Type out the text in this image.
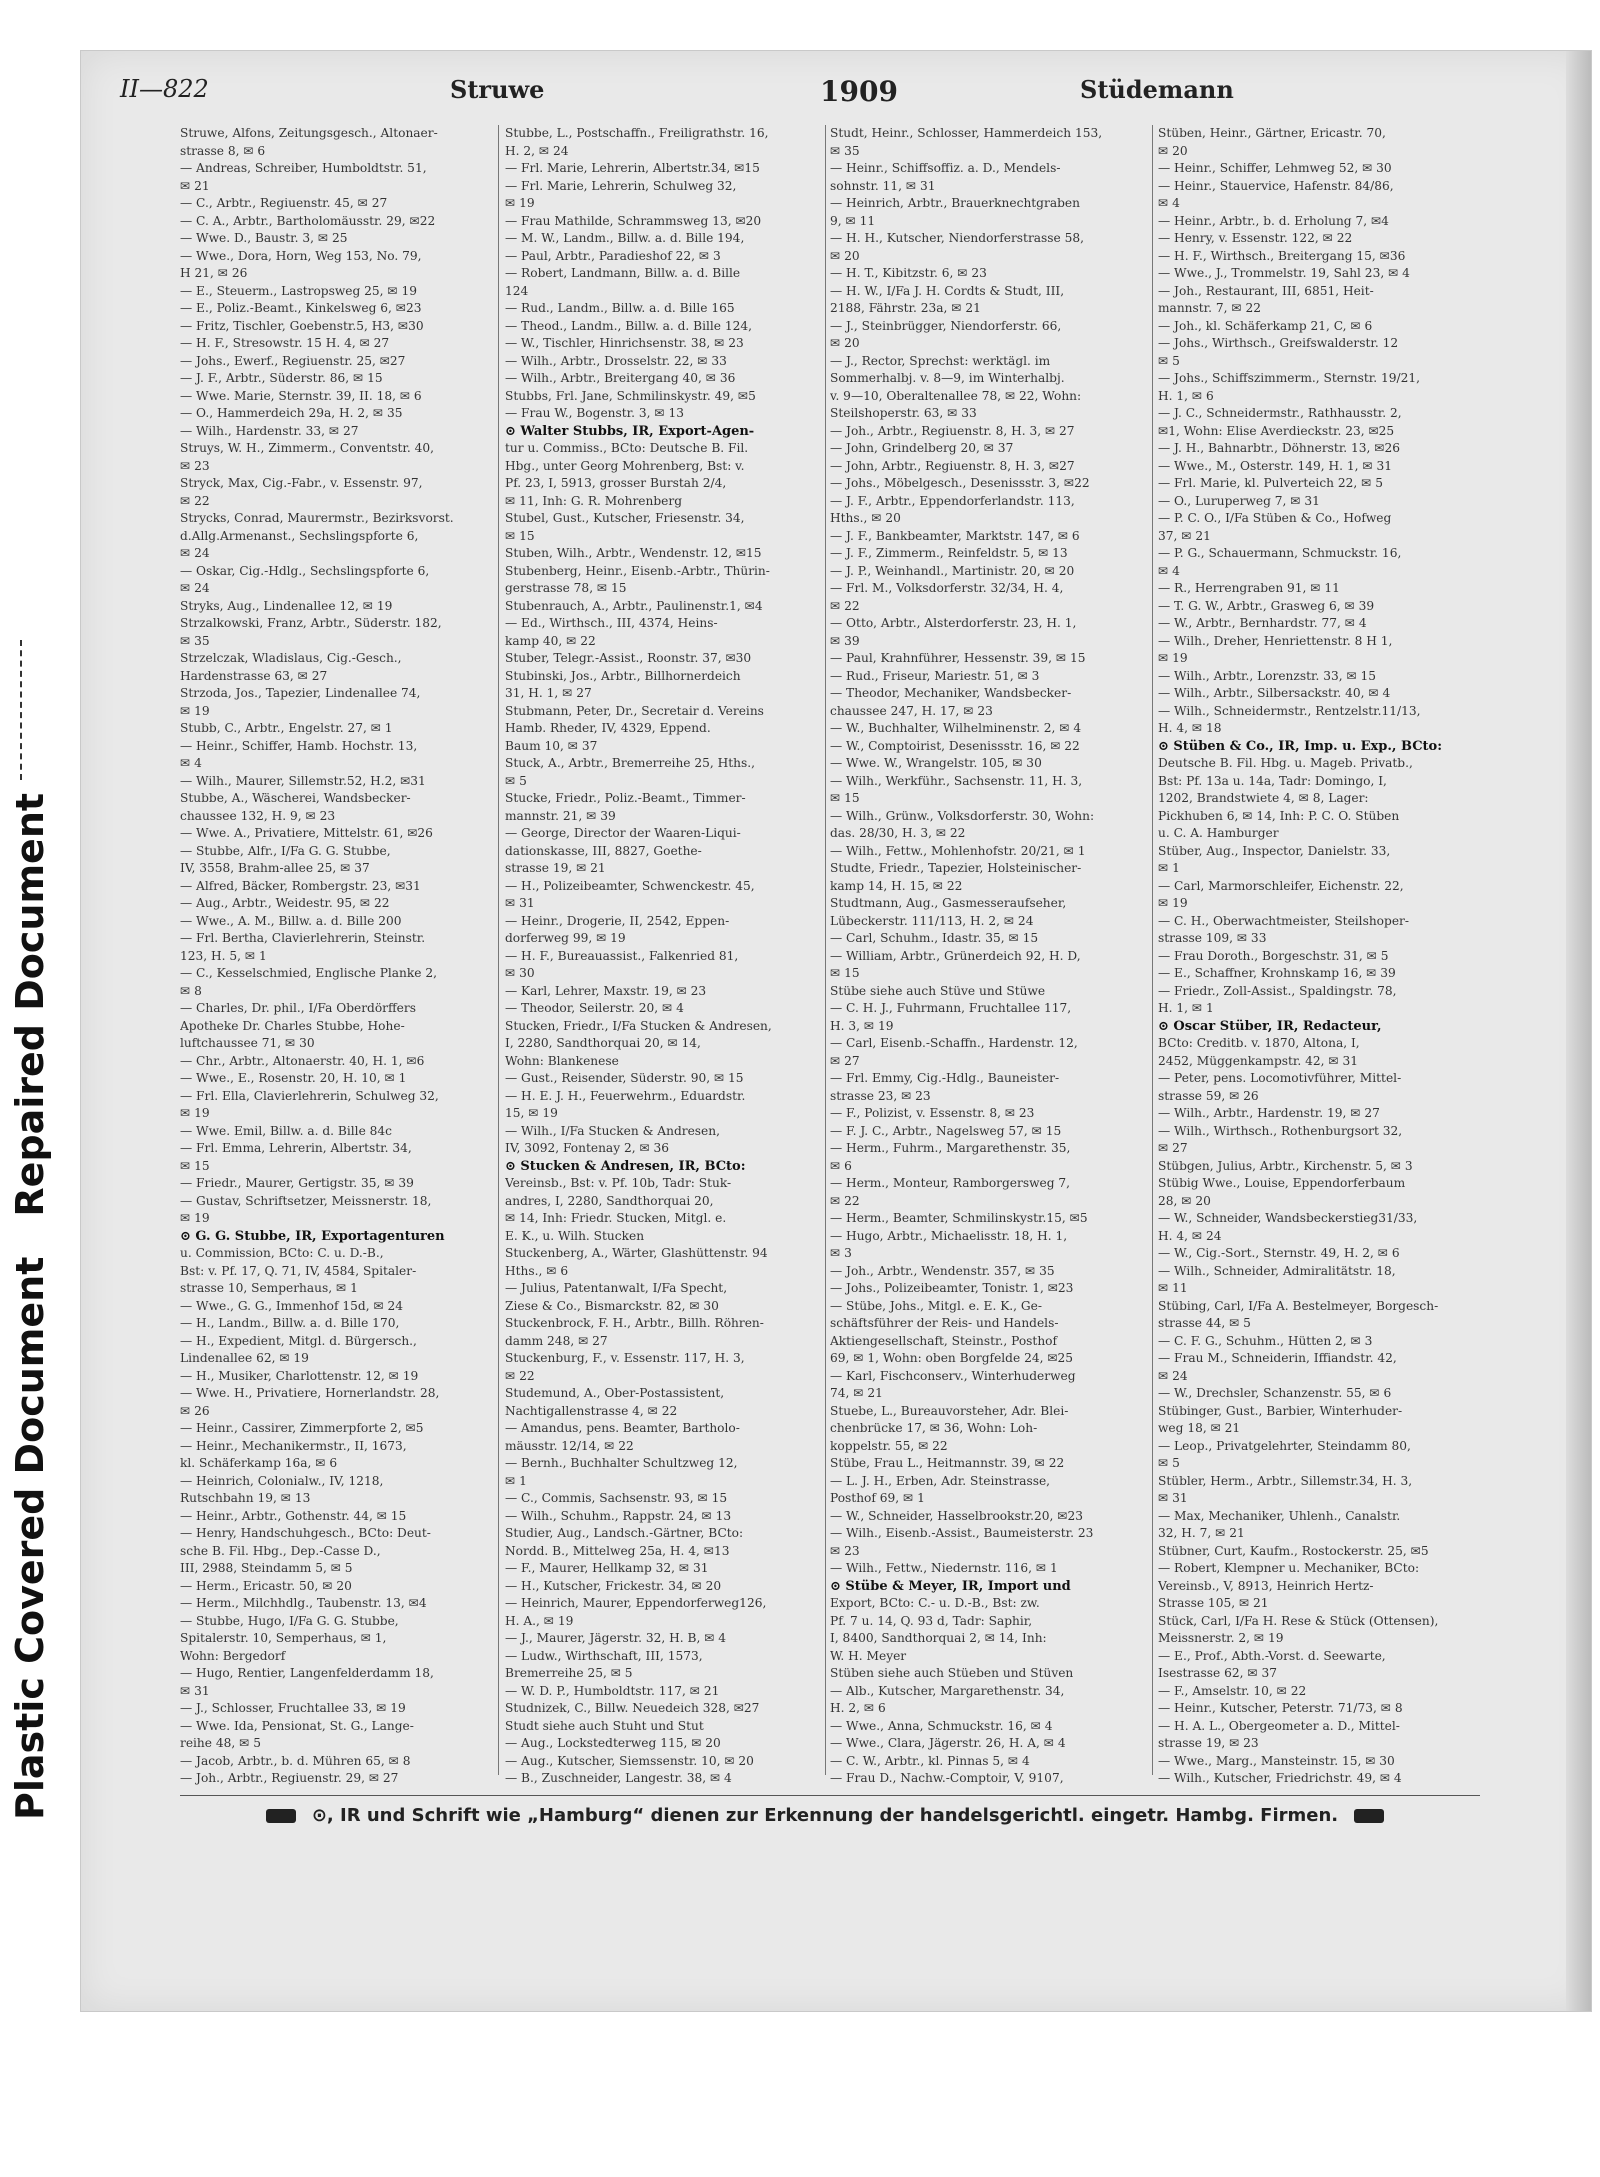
Plastic Covered Document
Repaired Document
II—822	Struwe	1909	Stüdemann
Struwe, Alfons, Zeitungsgesch., Altonaer-
strasse 8, ✉ 6
— Andreas, Schreiber, Humboldtstr. 51,
✉ 21
— C., Arbtr., Regiuenstr. 45, ✉ 27
— C. A., Arbtr., Bartholomäusstr. 29, ✉22
— Wwe. D., Baustr. 3, ✉ 25
— Wwe., Dora, Horn, Weg 153, No. 79,
H 21, ✉ 26
— E., Steuerm., Lastropsweg 25, ✉ 19
— E., Poliz.-Beamt., Kinkelsweg 6, ✉23
— Fritz, Tischler, Goebenstr.5, H3, ✉30
— H. F., Stresowstr. 15 H. 4, ✉ 27
— Johs., Ewerf., Regiuenstr. 25, ✉27
— J. F., Arbtr., Süderstr. 86, ✉ 15
— Wwe. Marie, Sternstr. 39, II. 18, ✉ 6
— O., Hammerdeich 29a, H. 2, ✉ 35
— Wilh., Hardenstr. 33, ✉ 27
Struys, W. H., Zimmerm., Conventstr. 40,
✉ 23
Stryck, Max, Cig.-Fabr., v. Essenstr. 97,
✉ 22
Strycks, Conrad, Maurermstr., Bezirksvorst.
d.Allg.Armenanst., Sechslingspforte 6,
✉ 24
— Oskar, Cig.-Hdlg., Sechslingspforte 6,
✉ 24
Stryks, Aug., Lindenallee 12, ✉ 19
Strzalkowski, Franz, Arbtr., Süderstr. 182,
✉ 35
Strzelczak, Wladislaus, Cig.-Gesch.,
Hardenstrasse 63, ✉ 27
Strzoda, Jos., Tapezier, Lindenallee 74,
✉ 19
Stubb, C., Arbtr., Engelstr. 27, ✉ 1
— Heinr., Schiffer, Hamb. Hochstr. 13,
✉ 4
— Wilh., Maurer, Sillemstr.52, H.2, ✉31
Stubbe, A., Wäscherei, Wandsbecker-
chaussee 132, H. 9, ✉ 23
— Wwe. A., Privatiere, Mittelstr. 61, ✉26
— Stubbe, Alfr., I/Fa G. G. Stubbe,
IV, 3558, Brahm-allee 25, ✉ 37
— Alfred, Bäcker, Rombergstr. 23, ✉31
— Aug., Arbtr., Weidestr. 95, ✉ 22
— Wwe., A. M., Billw. a. d. Bille 200
— Frl. Bertha, Clavierlehrerin, Steinstr.
123, H. 5, ✉ 1
— C., Kesselschmied, Englische Planke 2,
✉ 8
— Charles, Dr. phil., I/Fa Oberdörffers
Apotheke Dr. Charles Stubbe, Hohe-
luftchaussee 71, ✉ 30
— Chr., Arbtr., Altonaerstr. 40, H. 1, ✉6
— Wwe., E., Rosenstr. 20, H. 10, ✉ 1
— Frl. Ella, Clavierlehrerin, Schulweg 32,
✉ 19
— Wwe. Emil, Billw. a. d. Bille 84c
— Frl. Emma, Lehrerin, Albertstr. 34,
✉ 15
— Friedr., Maurer, Gertigstr. 35, ✉ 39
— Gustav, Schriftsetzer, Meissnerstr. 18,
✉ 19
⊙ G. G. Stubbe, IR, Exportagenturen
u. Commission, BCto: C. u. D.-B.,
Bst: v. Pf. 17, Q. 71, IV, 4584, Spitaler-
strasse 10, Semperhaus, ✉ 1
— Wwe., G. G., Immenhof 15d, ✉ 24
— H., Landm., Billw. a. d. Bille 170,
— H., Expedient, Mitgl. d. Bürgersch.,
Lindenallee 62, ✉ 19
— H., Musiker, Charlottenstr. 12, ✉ 19
— Wwe. H., Privatiere, Hornerlandstr. 28,
✉ 26
— Heinr., Cassirer, Zimmerpforte 2, ✉5
— Heinr., Mechanikermstr., II, 1673,
kl. Schäferkamp 16a, ✉ 6
— Heinrich, Colonialw., IV, 1218,
Rutschbahn 19, ✉ 13
— Heinr., Arbtr., Gothenstr. 44, ✉ 15
— Henry, Handschuhgesch., BCto: Deut-
sche B. Fil. Hbg., Dep.-Casse D.,
III, 2988, Steindamm 5, ✉ 5
— Herm., Ericastr. 50, ✉ 20
— Herm., Milchhdlg., Taubenstr. 13, ✉4
— Stubbe, Hugo, I/Fa G. G. Stubbe,
Spitalerstr. 10, Semperhaus, ✉ 1,
Wohn: Bergedorf
— Hugo, Rentier, Langenfelderdamm 18,
✉ 31
— J., Schlosser, Fruchtallee 33, ✉ 19
— Wwe. Ida, Pensionat, St. G., Lange-
reihe 48, ✉ 5
— Jacob, Arbtr., b. d. Mühren 65, ✉ 8
— Joh., Arbtr., Regiuenstr. 29, ✉ 27
Stubbe, L., Postschaffn., Freiligrathstr. 16,
H. 2, ✉ 24
— Frl. Marie, Lehrerin, Albertstr.34, ✉15
— Frl. Marie, Lehrerin, Schulweg 32,
✉ 19
— Frau Mathilde, Schrammsweg 13, ✉20
— M. W., Landm., Billw. a. d. Bille 194,
— Paul, Arbtr., Paradieshof 22, ✉ 3
— Robert, Landmann, Billw. a. d. Bille
124
— Rud., Landm., Billw. a. d. Bille 165
— Theod., Landm., Billw. a. d. Bille 124,
— W., Tischler, Hinrichsenstr. 38, ✉ 23
— Wilh., Arbtr., Drosselstr. 22, ✉ 33
— Wilh., Arbtr., Breitergang 40, ✉ 36
Stubbs, Frl. Jane, Schmilinskystr. 49, ✉5
— Frau W., Bogenstr. 3, ✉ 13
⊙ Walter Stubbs, IR, Export-Agen-
tur u. Commiss., BCto: Deutsche B. Fil.
Hbg., unter Georg Mohrenberg, Bst: v.
Pf. 23, I, 5913, grosser Burstah 2/4,
✉ 11, Inh: G. R. Mohrenberg
Stubel, Gust., Kutscher, Friesenstr. 34,
✉ 15
Stuben, Wilh., Arbtr., Wendenstr. 12, ✉15
Stubenberg, Heinr., Eisenb.-Arbtr., Thürin-
gerstrasse 78, ✉ 15
Stubenrauch, A., Arbtr., Paulinenstr.1, ✉4
— Ed., Wirthsch., III, 4374, Heins-
kamp 40, ✉ 22
Stuber, Telegr.-Assist., Roonstr. 37, ✉30
Stubinski, Jos., Arbtr., Billhornerdeich
31, H. 1, ✉ 27
Stubmann, Peter, Dr., Secretair d. Vereins
Hamb. Rheder, IV, 4329, Eppend.
Baum 10, ✉ 37
Stuck, A., Arbtr., Bremerreihe 25, Hths.,
✉ 5
Stucke, Friedr., Poliz.-Beamt., Timmer-
mannstr. 21, ✉ 39
— George, Director der Waaren-Liqui-
dationskasse, III, 8827, Goethe-
strasse 19, ✉ 21
— H., Polizeibeamter, Schwenckestr. 45,
✉ 31
— Heinr., Drogerie, II, 2542, Eppen-
dorferweg 99, ✉ 19
— H. F., Bureauassist., Falkenried 81,
✉ 30
— Karl, Lehrer, Maxstr. 19, ✉ 23
— Theodor, Seilerstr. 20, ✉ 4
Stucken, Friedr., I/Fa Stucken & Andresen,
I, 2280, Sandthorquai 20, ✉ 14,
Wohn: Blankenese
— Gust., Reisender, Süderstr. 90, ✉ 15
— H. E. J. H., Feuerwehrm., Eduardstr.
15, ✉ 19
— Wilh., I/Fa Stucken & Andresen,
IV, 3092, Fontenay 2, ✉ 36
⊙ Stucken & Andresen, IR, BCto:
Vereinsb., Bst: v. Pf. 10b, Tadr: Stuk-
andres, I, 2280, Sandthorquai 20,
✉ 14, Inh: Friedr. Stucken, Mitgl. e.
E. K., u. Wilh. Stucken
Stuckenberg, A., Wärter, Glashüttenstr. 94
Hths., ✉ 6
— Julius, Patentanwalt, I/Fa Specht,
Ziese & Co., Bismarckstr. 82, ✉ 30
Stuckenbrock, F. H., Arbtr., Billh. Röhren-
damm 248, ✉ 27
Stuckenburg, F., v. Essenstr. 117, H. 3,
✉ 22
Studemund, A., Ober-Postassistent,
Nachtigallenstrasse 4, ✉ 22
— Amandus, pens. Beamter, Bartholo-
mäusstr. 12/14, ✉ 22
— Bernh., Buchhalter Schultzweg 12,
✉ 1
— C., Commis, Sachsenstr. 93, ✉ 15
— Wilh., Schuhm., Rappstr. 24, ✉ 13
Studier, Aug., Landsch.-Gärtner, BCto:
Nordd. B., Mittelweg 25a, H. 4, ✉13
— F., Maurer, Hellkamp 32, ✉ 31
— H., Kutscher, Frickestr. 34, ✉ 20
— Heinrich, Maurer, Eppendorferweg126,
H. A., ✉ 19
— J., Maurer, Jägerstr. 32, H. B, ✉ 4
— Ludw., Wirthschaft, III, 1573,
Bremerreihe 25, ✉ 5
— W. D. P., Humboldtstr. 117, ✉ 21
Studnizek, C., Billw. Neuedeich 328, ✉27
Studt siehe auch Stuht und Stut
— Aug., Lockstedterweg 115, ✉ 20
— Aug., Kutscher, Siemssenstr. 10, ✉ 20
— B., Zuschneider, Langestr. 38, ✉ 4
Studt, Heinr., Schlosser, Hammerdeich 153,
✉ 35
— Heinr., Schiffsoffiz. a. D., Mendels-
sohnstr. 11, ✉ 31
— Heinrich, Arbtr., Brauerknechtgraben
9, ✉ 11
— H. H., Kutscher, Niendorferstrasse 58,
✉ 20
— H. T., Kibitzstr. 6, ✉ 23
— H. W., I/Fa J. H. Cordts & Studt, III,
2188, Fährstr. 23a, ✉ 21
— J., Steinbrügger, Niendorferstr. 66,
✉ 20
— J., Rector, Sprechst: werktägl. im
Sommerhalbj. v. 8—9, im Winterhalbj.
v. 9—10, Oberaltenallee 78, ✉ 22, Wohn:
Steilshoperstr. 63, ✉ 33
— Joh., Arbtr., Regiuenstr. 8, H. 3, ✉ 27
— John, Grindelberg 20, ✉ 37
— John, Arbtr., Regiuenstr. 8, H. 3, ✉27
— Johs., Möbelgesch., Desenissstr. 3, ✉22
— J. F., Arbtr., Eppendorferlandstr. 113,
Hths., ✉ 20
— J. F., Bankbeamter, Marktstr. 147, ✉ 6
— J. F., Zimmerm., Reinfeldstr. 5, ✉ 13
— J. P., Weinhandl., Martinistr. 20, ✉ 20
— Frl. M., Volksdorferstr. 32/34, H. 4,
✉ 22
— Otto, Arbtr., Alsterdorferstr. 23, H. 1,
✉ 39
— Paul, Krahnführer, Hessenstr. 39, ✉ 15
— Rud., Friseur, Mariestr. 51, ✉ 3
— Theodor, Mechaniker, Wandsbecker-
chaussee 247, H. 17, ✉ 23
— W., Buchhalter, Wilhelminenstr. 2, ✉ 4
— W., Comptoirist, Desenissstr. 16, ✉ 22
— Wwe. W., Wrangelstr. 105, ✉ 30
— Wilh., Werkführ., Sachsenstr. 11, H. 3,
✉ 15
— Wilh., Grünw., Volksdorferstr. 30, Wohn:
das. 28/30, H. 3, ✉ 22
— Wilh., Fettw., Mohlenhofstr. 20/21, ✉ 1
Studte, Friedr., Tapezier, Holsteinischer-
kamp 14, H. 15, ✉ 22
Studtmann, Aug., Gasmesseraufseher,
Lübeckerstr. 111/113, H. 2, ✉ 24
— Carl, Schuhm., Idastr. 35, ✉ 15
— William, Arbtr., Grünerdeich 92, H. D,
✉ 15
Stübe siehe auch Stüve und Stüwe
— C. H. J., Fuhrmann, Fruchtallee 117,
H. 3, ✉ 19
— Carl, Eisenb.-Schaffn., Hardenstr. 12,
✉ 27
— Frl. Emmy, Cig.-Hdlg., Bauneister-
strasse 23, ✉ 23
— F., Polizist, v. Essenstr. 8, ✉ 23
— F. J. C., Arbtr., Nagelsweg 57, ✉ 15
— Herm., Fuhrm., Margarethenstr. 35,
✉ 6
— Herm., Monteur, Ramborgersweg 7,
✉ 22
— Herm., Beamter, Schmilinskystr.15, ✉5
— Hugo, Arbtr., Michaelisstr. 18, H. 1,
✉ 3
— Joh., Arbtr., Wendenstr. 357, ✉ 35
— Johs., Polizeibeamter, Tonistr. 1, ✉23
— Stübe, Johs., Mitgl. e. E. K., Ge-
schäftsführer der Reis- und Handels-
Aktiengesellschaft, Steinstr., Posthof
69, ✉ 1, Wohn: oben Borgfelde 24, ✉25
— Karl, Fischconserv., Winterhuderweg
74, ✉ 21
Stuebe, L., Bureauvorsteher, Adr. Blei-
chenbrücke 17, ✉ 36, Wohn: Loh-
koppelstr. 55, ✉ 22
Stübe, Frau L., Heitmannstr. 39, ✉ 22
— L. J. H., Erben, Adr. Steinstrasse,
Posthof 69, ✉ 1
— W., Schneider, Hasselbrookstr.20, ✉23
— Wilh., Eisenb.-Assist., Baumeisterstr. 23
✉ 23
— Wilh., Fettw., Niedernstr. 116, ✉ 1
⊙ Stübe & Meyer, IR, Import und
Export, BCto: C.- u. D.-B., Bst: zw.
Pf. 7 u. 14, Q. 93 d, Tadr: Saphir,
I, 8400, Sandthorquai 2, ✉ 14, Inh:
W. H. Meyer
Stüben siehe auch Stüeben und Stüven
— Alb., Kutscher, Margarethenstr. 34,
H. 2, ✉ 6
— Wwe., Anna, Schmuckstr. 16, ✉ 4
— Wwe., Clara, Jägerstr. 26, H. A, ✉ 4
— C. W., Arbtr., kl. Pinnas 5, ✉ 4
— Frau D., Nachw.-Comptoir, V, 9107,
Stüben, Heinr., Gärtner, Ericastr. 70,
✉ 20
— Heinr., Schiffer, Lehmweg 52, ✉ 30
— Heinr., Stauervice, Hafenstr. 84/86,
✉ 4
— Heinr., Arbtr., b. d. Erholung 7, ✉4
— Henry, v. Essenstr. 122, ✉ 22
— H. F., Wirthsch., Breitergang 15, ✉36
— Wwe., J., Trommelstr. 19, Sahl 23, ✉ 4
— Joh., Restaurant, III, 6851, Heit-
mannstr. 7, ✉ 22
— Joh., kl. Schäferkamp 21, C, ✉ 6
— Johs., Wirthsch., Greifswalderstr. 12
✉ 5
— Johs., Schiffszimmerm., Sternstr. 19/21,
H. 1, ✉ 6
— J. C., Schneidermstr., Rathhausstr. 2,
✉1, Wohn: Elise Averdieckstr. 23, ✉25
— J. H., Bahnarbtr., Döhnerstr. 13, ✉26
— Wwe., M., Osterstr. 149, H. 1, ✉ 31
— Frl. Marie, kl. Pulverteich 22, ✉ 5
— O., Luruperweg 7, ✉ 31
— P. C. O., I/Fa Stüben & Co., Hofweg
37, ✉ 21
— P. G., Schauermann, Schmuckstr. 16,
✉ 4
— R., Herrengraben 91, ✉ 11
— T. G. W., Arbtr., Grasweg 6, ✉ 39
— W., Arbtr., Bernhardstr. 77, ✉ 4
— Wilh., Dreher, Henriettenstr. 8 H 1,
✉ 19
— Wilh., Arbtr., Lorenzstr. 33, ✉ 15
— Wilh., Arbtr., Silbersackstr. 40, ✉ 4
— Wilh., Schneidermstr., Rentzelstr.11/13,
H. 4, ✉ 18
⊙ Stüben & Co., IR, Imp. u. Exp., BCto:
Deutsche B. Fil. Hbg. u. Mageb. Privatb.,
Bst: Pf. 13a u. 14a, Tadr: Domingo, I,
1202, Brandstwiete 4, ✉ 8, Lager:
Pickhuben 6, ✉ 14, Inh: P. C. O. Stüben
u. C. A. Hamburger
Stüber, Aug., Inspector, Danielstr. 33,
✉ 1
— Carl, Marmorschleifer, Eichenstr. 22,
✉ 19
— C. H., Oberwachtmeister, Steilshoper-
strasse 109, ✉ 33
— Frau Doroth., Borgeschstr. 31, ✉ 5
— E., Schaffner, Krohnskamp 16, ✉ 39
— Friedr., Zoll-Assist., Spaldingstr. 78,
H. 1, ✉ 1
⊙ Oscar Stüber, IR, Redacteur,
BCto: Creditb. v. 1870, Altona, I,
2452, Müggenkampstr. 42, ✉ 31
— Peter, pens. Locomotivführer, Mittel-
strasse 59, ✉ 26
— Wilh., Arbtr., Hardenstr. 19, ✉ 27
— Wilh., Wirthsch., Rothenburgsort 32,
✉ 27
Stübgen, Julius, Arbtr., Kirchenstr. 5, ✉ 3
Stübig Wwe., Louise, Eppendorferbaum
28, ✉ 20
— W., Schneider, Wandsbeckerstieg31/33,
H. 4, ✉ 24
— W., Cig.-Sort., Sternstr. 49, H. 2, ✉ 6
— Wilh., Schneider, Admiralitätstr. 18,
✉ 11
Stübing, Carl, I/Fa A. Bestelmeyer, Borgesch-
strasse 44, ✉ 5
— C. F. G., Schuhm., Hütten 2, ✉ 3
— Frau M., Schneiderin, Iffiandstr. 42,
✉ 24
— W., Drechsler, Schanzenstr. 55, ✉ 6
Stübinger, Gust., Barbier, Winterhuder-
weg 18, ✉ 21
— Leop., Privatgelehrter, Steindamm 80,
✉ 5
Stübler, Herm., Arbtr., Sillemstr.34, H. 3,
✉ 31
— Max, Mechaniker, Uhlenh., Canalstr.
32, H. 7, ✉ 21
Stübner, Curt, Kaufm., Rostockerstr. 25, ✉5
— Robert, Klempner u. Mechaniker, BCto:
Vereinsb., V, 8913, Heinrich Hertz-
Strasse 105, ✉ 21
Stück, Carl, I/Fa H. Rese & Stück (Ottensen),
Meissnerstr. 2, ✉ 19
— E., Prof., Abth.-Vorst. d. Seewarte,
Isestrasse 62, ✉ 37
— F., Amselstr. 10, ✉ 22
— Heinr., Kutscher, Peterstr. 71/73, ✉ 8
— H. A. L., Obergeometer a. D., Mittel-
strasse 19, ✉ 23
— Wwe., Marg., Mansteinstr. 15, ✉ 30
— Wilh., Kutscher, Friedrichstr. 49, ✉ 4
⊙, IR und Schrift wie „Hamburg“ dienen zur Erkennung der handelsgerichtl. eingetr. Hambg. Firmen.
